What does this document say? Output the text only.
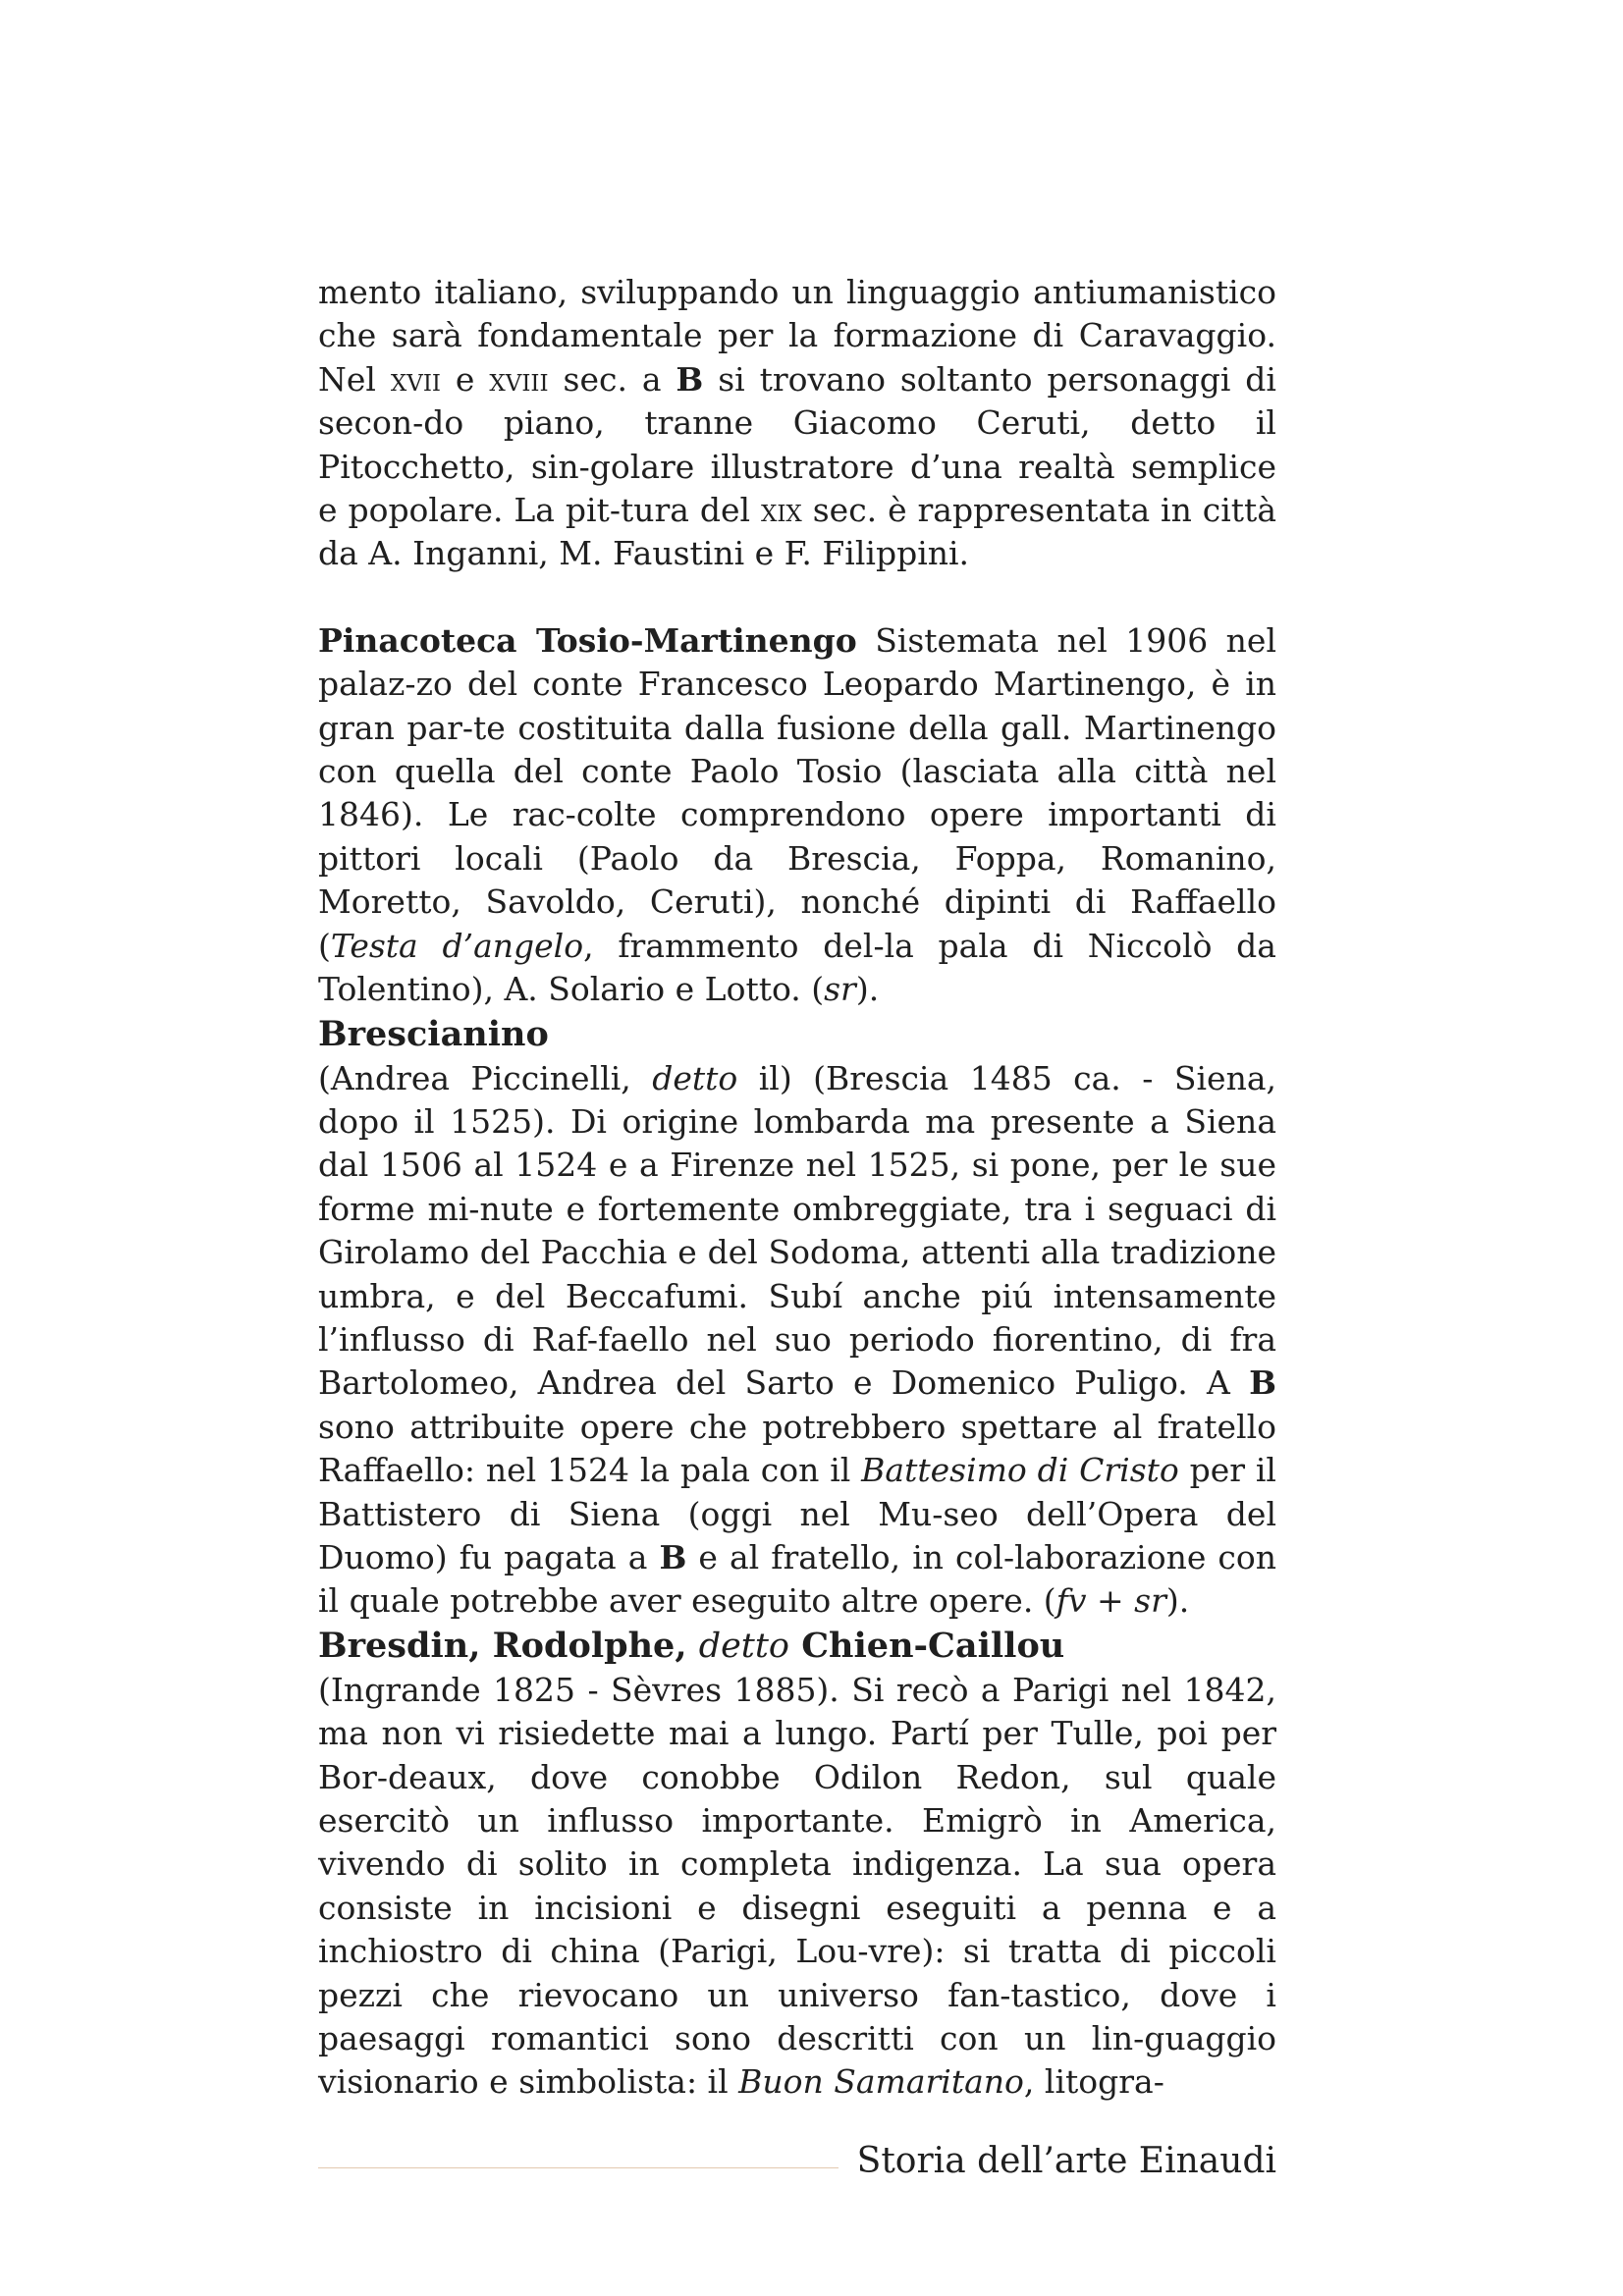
mento italiano, sviluppando un linguaggio antiumanistico che sarà fondamentale per la formazione di Caravaggio. Nel xvii e xviii sec. a B si trovano soltanto personaggi di secon-do piano, tranne Giacomo Ceruti, detto il Pitocchetto, sin-golare illustratore d’una realtà semplice e popolare. La pit-tura del xix sec. è rappresentata in città da A. Inganni, M. Faustini e F. Filippini.

Pinacoteca Tosio-Martinengo Sistemata nel 1906 nel palaz-zo del conte Francesco Leopardo Martinengo, è in gran par-te costituita dalla fusione della gall. Martinengo con quella del conte Paolo Tosio (lasciata alla città nel 1846). Le rac-colte comprendono opere importanti di pittori locali (Paolo da Brescia, Foppa, Romanino, Moretto, Savoldo, Ceruti), nonché dipinti di Raffaello (Testa d’angelo, frammento del-la pala di Niccolò da Tolentino), A. Solario e Lotto. (sr).

Brescianino

(Andrea Piccinelli, detto il) (Brescia 1485 ca. - Siena, dopo il 1525). Di origine lombarda ma presente a Siena dal 1506 al 1524 e a Firenze nel 1525, si pone, per le sue forme mi-nute e fortemente ombreggiate, tra i seguaci di Girolamo del Pacchia e del Sodoma, attenti alla tradizione umbra, e del Beccafumi. Subí anche piú intensamente l’influsso di Raf-faello nel suo periodo fiorentino, di fra Bartolomeo, Andrea del Sarto e Domenico Puligo. A B sono attribuite opere che potrebbero spettare al fratello Raffaello: nel 1524 la pala con il Battesimo di Cristo per il Battistero di Siena (oggi nel Mu-seo dell’Opera del Duomo) fu pagata a B e al fratello, in col-laborazione con il quale potrebbe aver eseguito altre opere. (fv + sr).

Bresdin, Rodolphe, detto Chien-Caillou

(Ingrande 1825 - Sèvres 1885). Si recò a Parigi nel 1842, ma non vi risiedette mai a lungo. Partí per Tulle, poi per Bor-deaux, dove conobbe Odilon Redon, sul quale esercitò un influsso importante. Emigrò in America, vivendo di solito in completa indigenza. La sua opera consiste in incisioni e disegni eseguiti a penna e a inchiostro di china (Parigi, Lou-vre): si tratta di piccoli pezzi che rievocano un universo fan-tastico, dove i paesaggi romantici sono descritti con un lin-guaggio visionario e simbolista: il Buon Samaritano, litogra-

Storia dell’arte Einaudi
